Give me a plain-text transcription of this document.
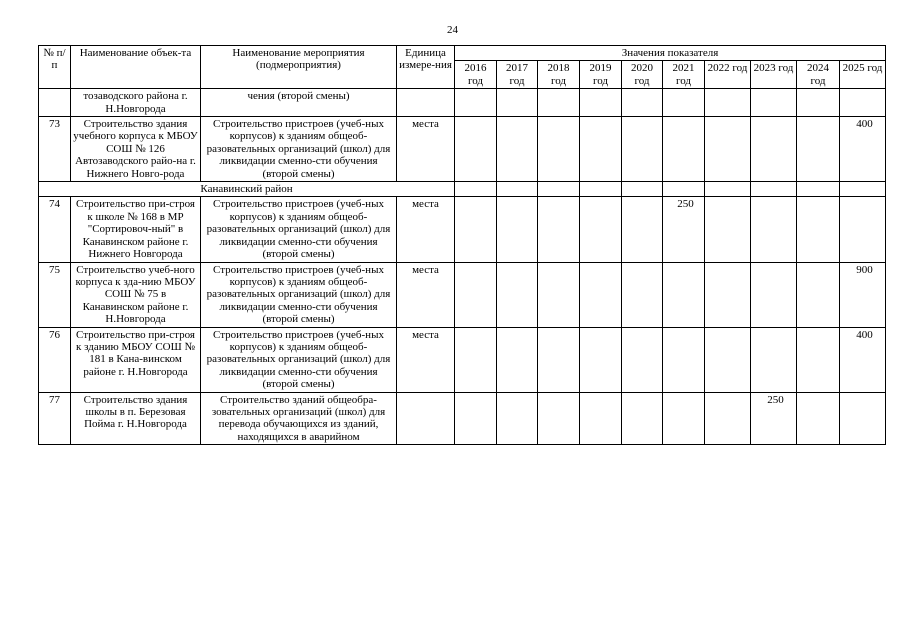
24
№ п/п	Наименование объек-та	Наименование мероприятия (подмероприятия)	Единица измере-ния	Значения показателя									
				2016 год	2017 год	2018 год	2019 год	2020 год	2021 год	2022 год	2023 год	2024 год	2025 год
	тозаводского района г. Н.Новгорода	чения (второй смены)											
73	Строительство здания учебного корпуса к МБОУ СОШ № 126 Автозаводского райо-на г. Нижнего Новго-рода	Строительство пристроев (учеб-ных корпусов) к зданиям общеоб-разовательных организаций (школ) для ликвидации сменно-сти обучения (второй смены)	места										400
Канавинский район													
74	Строительство при-строя к школе № 168 в МР "Сортировоч-ный" в Канавинском районе г. Нижнего Новгорода	Строительство пристроев (учеб-ных корпусов) к зданиям общеоб-разовательных организаций (школ) для ликвидации сменно-сти обучения (второй смены)	места						250				
75	Строительство учеб-ного корпуса к зда-нию МБОУ СОШ № 75 в Канавинском районе г. Н.Новгорода	Строительство пристроев (учеб-ных корпусов) к зданиям общеоб-разовательных организаций (школ) для ликвидации сменно-сти обучения (второй смены)	места										900
76	Строительство при-строя к зданию МБОУ СОШ № 181 в Кана-винском районе г. Н.Новгорода	Строительство пристроев (учеб-ных корпусов) к зданиям общеоб-разовательных организаций (школ) для ликвидации сменно-сти обучения (второй смены)	места										400
77	Строительство здания школы в п. Березовая Пойма г. Н.Новгорода	Строительство зданий общеобра-зовательных организаций (школ) для перевода обучающихся из зданий, находящихся в аварийном									250		
